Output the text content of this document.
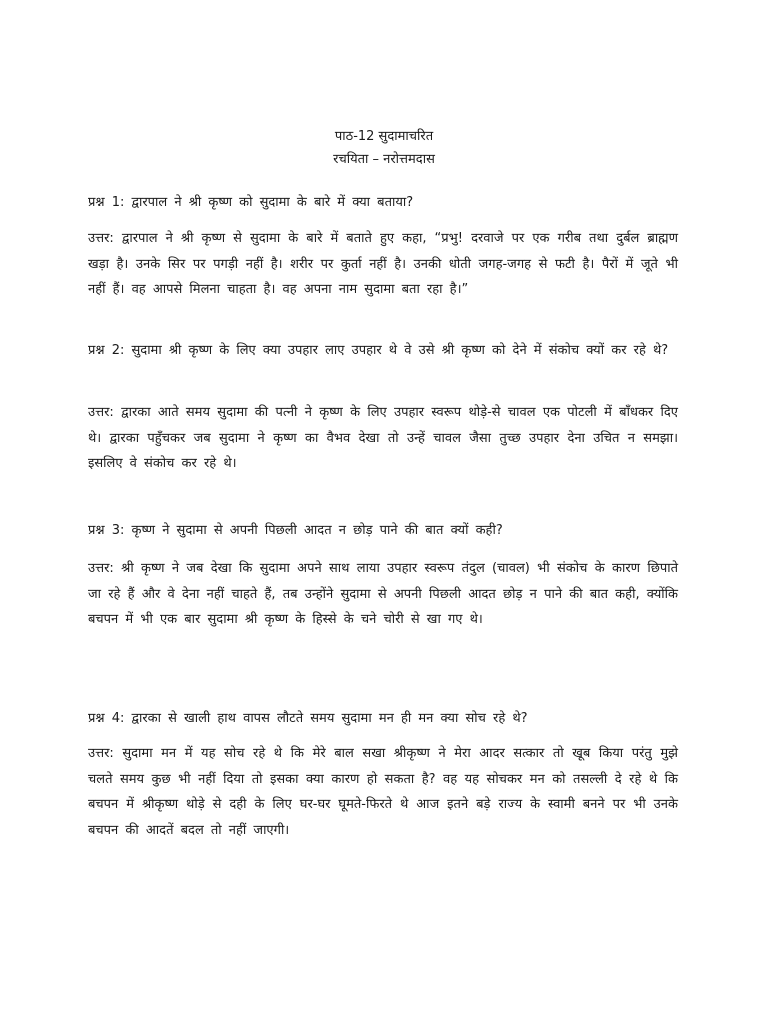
पाठ-12 सुदामाचरित
रचयिता – नरोत्तमदास

प्रश्न 1: द्वारपाल ने श्री कृष्ण को सुदामा के बारे में क्या बताया?

उत्तर: द्वारपाल ने श्री कृष्ण से सुदामा के बारे में बताते हुए कहा, “प्रभु! दरवाजे पर एक गरीब तथा दुर्बल ब्राह्मण खड़ा है। उनके सिर पर पगड़ी नहीं है। शरीर पर कुर्ता नहीं है। उनकी धोती जगह-जगह से फटी है। पैरों में जूते भी नहीं हैं। वह आपसे मिलना चाहता है। वह अपना नाम सुदामा बता रहा है।”

प्रश्न 2: सुदामा श्री कृष्ण के लिए क्या उपहार लाए उपहार थे वे उसे श्री कृष्ण को देने में संकोच क्यों कर रहे थे?

उत्तर: द्वारका आते समय सुदामा की पत्नी ने कृष्ण के लिए उपहार स्वरूप थोड़े-से चावल एक पोटली में बाँधकर दिए थे। द्वारका पहुँचकर जब सुदामा ने कृष्ण का वैभव देखा तो उन्हें चावल जैसा तुच्छ उपहार देना उचित न समझा। इसलिए वे संकोच कर रहे थे।

प्रश्न 3: कृष्ण ने सुदामा से अपनी पिछली आदत न छोड़ पाने की बात क्यों कही?

उत्तर: श्री कृष्ण ने जब देखा कि सुदामा अपने साथ लाया उपहार स्वरूप तंदुल (चावल) भी संकोच के कारण छिपाते जा रहे हैं और वे देना नहीं चाहते हैं, तब उन्होंने सुदामा से अपनी पिछली आदत छोड़ न पाने की बात कही, क्योंकि बचपन में भी एक बार सुदामा श्री कृष्ण के हिस्से के चने चोरी से खा गए थे।

प्रश्न 4: द्वारका से खाली हाथ वापस लौटते समय सुदामा मन ही मन क्या सोच रहे थे?

उत्तर: सुदामा मन में यह सोच रहे थे कि मेरे बाल सखा श्रीकृष्ण ने मेरा आदर सत्कार तो खूब किया परंतु मुझे चलते समय कुछ भी नहीं दिया तो इसका क्या कारण हो सकता है? वह यह सोचकर मन को तसल्ली दे रहे थे कि बचपन में श्रीकृष्ण थोड़े से दही के लिए घर-घर घूमते-फिरते थे आज इतने बड़े राज्य के स्वामी बनने पर भी उनके बचपन की आदतें बदल तो नहीं जाएगी।
